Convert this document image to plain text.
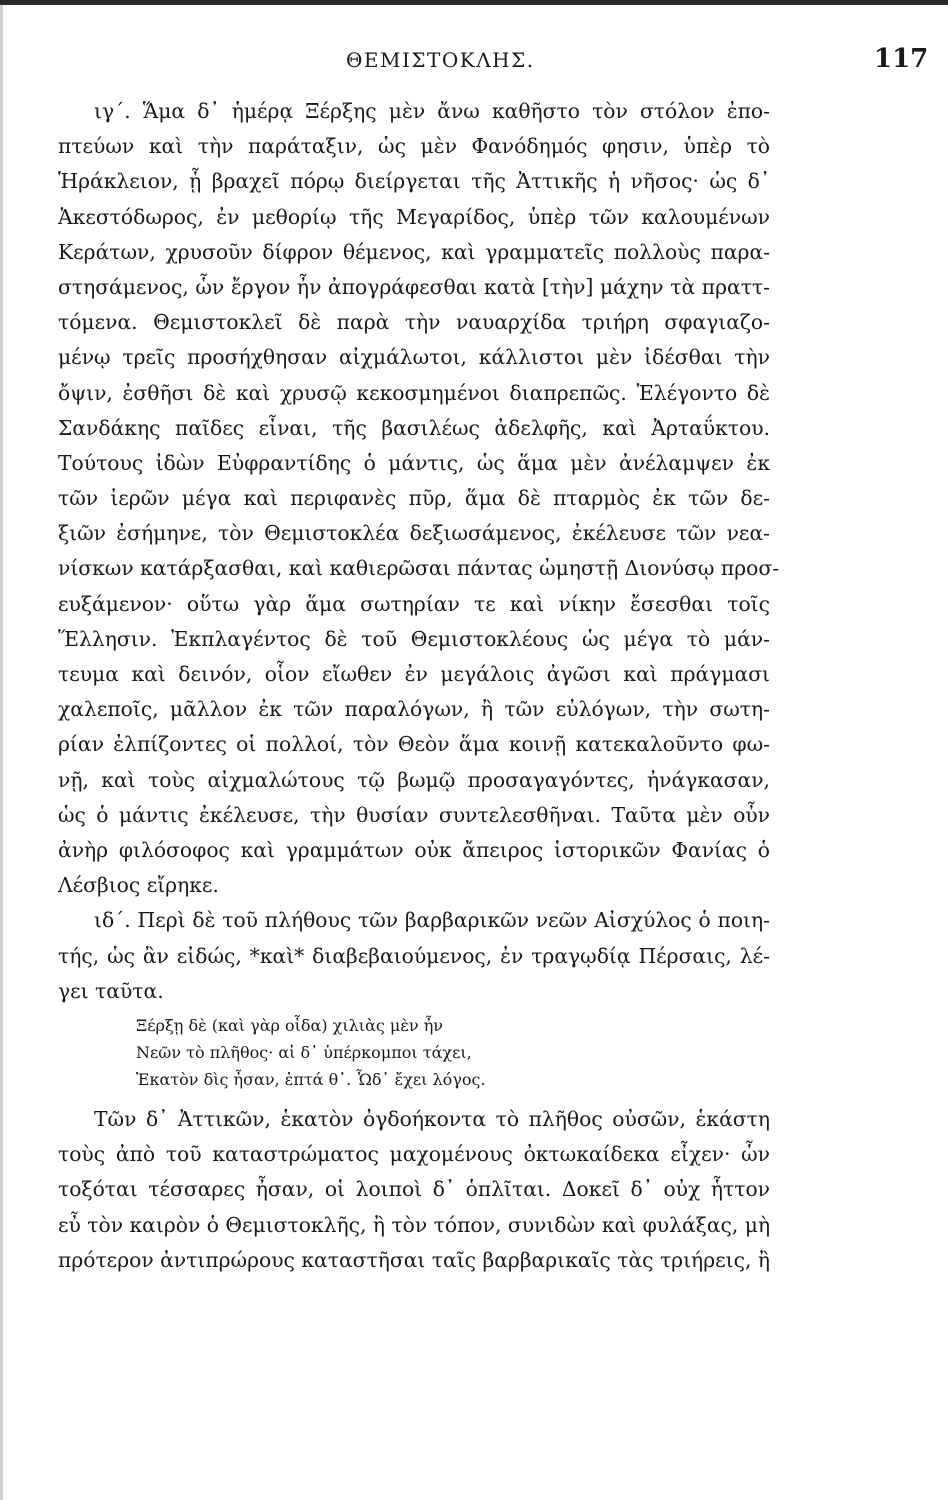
ΘΕΜΙΣΤΟΚΛΗΣ.	117
ιγ΄. Ἅμα δ᾽ ἡμέρᾳ Ξέρξης μὲν ἄνω καθῆστο τὸν στόλον ἐπο-
πτεύων καὶ τὴν παράταξιν, ὡς μὲν Φανόδημός φησιν, ὑπὲρ τὸ
Ἡράκλειον, ᾗ βραχεῖ πόρῳ διείργεται τῆς Ἀττικῆς ἡ νῆσος· ὡς δ᾽
Ἀκεστόδωρος, ἐν μεθορίῳ τῆς Μεγαρίδος, ὑπὲρ τῶν καλουμένων
Κεράτων, χρυσοῦν δίφρον θέμενος, καὶ γραμματεῖς πολλοὺς παρα-
στησάμενος, ὧν ἔργον ἦν ἀπογράφεσθαι κατὰ [τὴν] μάχην τὰ πραττ-
τόμενα. Θεμιστοκλεῖ δὲ παρὰ τὴν ναυαρχίδα τριήρη σφαγιαζο-
μένῳ τρεῖς προσήχθησαν αἰχμάλωτοι, κάλλιστοι μὲν ἰδέσθαι τὴν
ὄψιν, ἐσθῆσι δὲ καὶ χρυσῷ κεκοσμημένοι διαπρεπῶς. Ἐλέγοντο δὲ
Σανδάκης παῖδες εἶναι, τῆς βασιλέως ἀδελφῆς, καὶ Ἀρταΰκτου.
Τούτους ἰδὼν Εὐφραντίδης ὁ μάντις, ὡς ἅμα μὲν ἀνέλαμψεν ἐκ
τῶν ἱερῶν μέγα καὶ περιφανὲς πῦρ, ἅμα δὲ πταρμὸς ἐκ τῶν δε-
ξιῶν ἐσήμηνε, τὸν Θεμιστοκλέα δεξιωσάμενος, ἐκέλευσε τῶν νεα-
νίσκων κατάρξασθαι, καὶ καθιερῶσαι πάντας ὠμηστῇ Διονύσῳ προσ-
ευξάμενον· οὕτω γὰρ ἅμα σωτηρίαν τε καὶ νίκην ἔσεσθαι τοῖς
Ἕλλησιν. Ἐκπλαγέντος δὲ τοῦ Θεμιστοκλέους ὡς μέγα τὸ μάν-
τευμα καὶ δεινόν, οἷον εἴωθεν ἐν μεγάλοις ἀγῶσι καὶ πράγμασι
χαλεποῖς, μᾶλλον ἐκ τῶν παραλόγων, ἢ τῶν εὐλόγων, τὴν σωτη-
ρίαν ἐλπίζοντες οἱ πολλοί, τὸν Θεὸν ἅμα κοινῇ κατεκαλοῦντο φω-
νῇ, καὶ τοὺς αἰχμαλώτους τῷ βωμῷ προσαγαγόντες, ἠνάγκασαν,
ὡς ὁ μάντις ἐκέλευσε, τὴν θυσίαν συντελεσθῆναι. Ταῦτα μὲν οὖν
ἀνὴρ φιλόσοφος καὶ γραμμάτων οὐκ ἄπειρος ἱστορικῶν Φανίας ὁ
Λέσβιος εἴρηκε.
ιδ΄. Περὶ δὲ τοῦ πλήθους τῶν βαρβαρικῶν νεῶν Αἰσχύλος ὁ ποιη-
τής, ὡς ἂν εἰδώς, *καὶ* διαβεβαιούμενος, ἐν τραγῳδίᾳ Πέρσαις, λέ-
γει ταῦτα.
Ξέρξῃ δὲ (καὶ γὰρ οἶδα) χιλιὰς μὲν ἦν
Νεῶν τὸ πλῆθος· αἱ δ᾽ ὑπέρκομποι τάχει,
Ἑκατὸν δὶς ἦσαν, ἑπτά θ᾽. Ὧδ᾽ ἔχει λόγος.
Τῶν δ᾽ Ἀττικῶν, ἑκατὸν ὀγδοήκοντα τὸ πλῆθος οὐσῶν, ἑκάστη
τοὺς ἀπὸ τοῦ καταστρώματος μαχομένους ὀκτωκαίδεκα εἶχεν· ὧν
τοξόται τέσσαρες ἦσαν, οἱ λοιποὶ δ᾽ ὁπλῖται. Δοκεῖ δ᾽ οὐχ ἧττον
εὖ τὸν καιρὸν ὁ Θεμιστοκλῆς, ἢ τὸν τόπον, συνιδὼν καὶ φυλάξας, μὴ
πρότερον ἀντιπρώρους καταστῆσαι ταῖς βαρβαρικαῖς τὰς τριήρεις, ἢ
